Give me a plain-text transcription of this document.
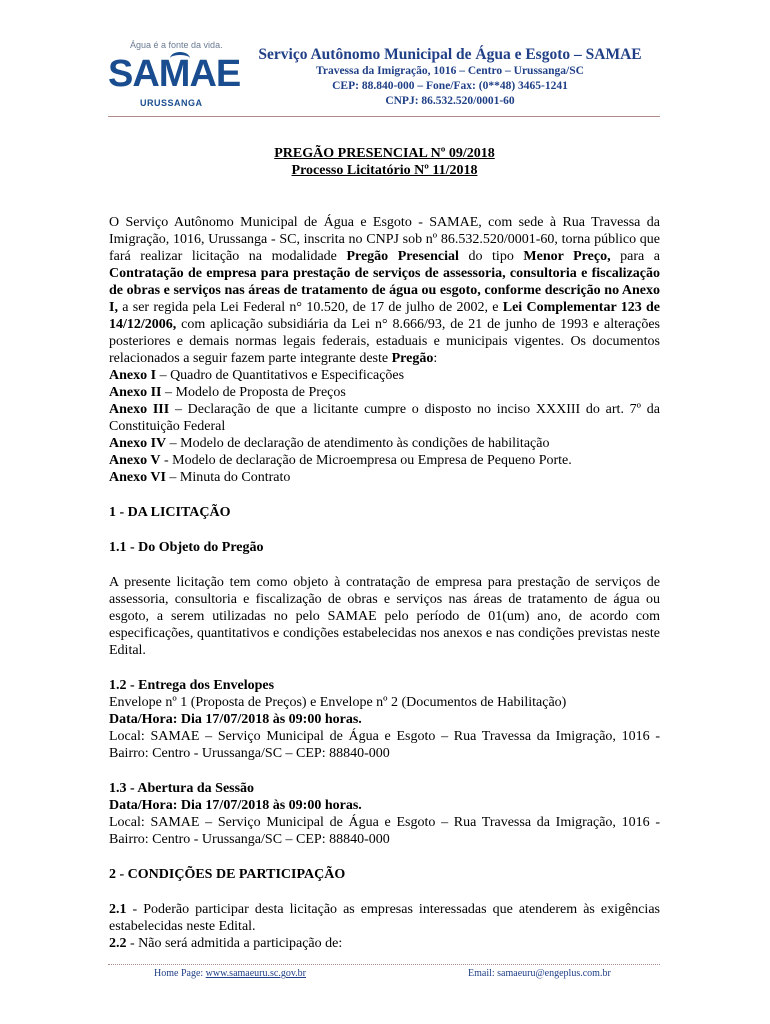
Água é a fonte da vida.
SAMAE
URUSSANGA
Serviço Autônomo Municipal de Água e Esgoto – SAMAE
Travessa da Imigração, 1016 – Centro – Urussanga/SC
CEP: 88.840-000 – Fone/Fax: (0**48) 3465-1241
CNPJ: 86.532.520/0001-60
PREGÃO PRESENCIAL Nº 09/2018
Processo Licitatório Nº 11/2018

O Serviço Autônomo Municipal de Água e Esgoto - SAMAE, com sede à Rua Travessa da Imigração, 1016, Urussanga - SC, inscrita no CNPJ sob nº 86.532.520/0001-60, torna público que fará realizar licitação na modalidade Pregão Presencial do tipo Menor Preço, para a Contratação de empresa para prestação de serviços de assessoria, consultoria e fiscalização de obras e serviços nas áreas de tratamento de água ou esgoto, conforme descrição no Anexo I, a ser regida pela Lei Federal n° 10.520, de 17 de julho de 2002, e Lei Complementar 123 de 14/12/2006, com aplicação subsidiária da Lei n° 8.666/93, de 21 de junho de 1993 e alterações posteriores e demais normas legais federais, estaduais e municipais vigentes. Os documentos relacionados a seguir fazem parte integrante deste Pregão:

Anexo I – Quadro de Quantitativos e Especificações

Anexo II – Modelo de Proposta de Preços

Anexo III – Declaração de que a licitante cumpre o disposto no inciso XXXIII do art. 7º da Constituição Federal

Anexo IV – Modelo de declaração de atendimento às condições de habilitação

Anexo V - Modelo de declaração de Microempresa ou Empresa de Pequeno Porte.

Anexo VI – Minuta do Contrato

1 - DA LICITAÇÃO

1.1 - Do Objeto do Pregão

A presente licitação tem como objeto à contratação de empresa para prestação de serviços de assessoria, consultoria e fiscalização de obras e serviços nas áreas de tratamento de água ou esgoto, a serem utilizadas no pelo SAMAE pelo período de 01(um) ano, de acordo com especificações, quantitativos e condições estabelecidas nos anexos e nas condições previstas neste Edital.

1.2 - Entrega dos Envelopes

Envelope nº 1 (Proposta de Preços) e Envelope nº 2 (Documentos de Habilitação)

Data/Hora: Dia 17/07/2018 às 09:00 horas.

Local: SAMAE – Serviço Municipal de Água e Esgoto – Rua Travessa da Imigração, 1016 - Bairro: Centro - Urussanga/SC – CEP: 88840-000

1.3 - Abertura da Sessão

Data/Hora: Dia 17/07/2018 às 09:00 horas.

Local: SAMAE – Serviço Municipal de Água e Esgoto – Rua Travessa da Imigração, 1016 - Bairro: Centro - Urussanga/SC – CEP: 88840-000

2 - CONDIÇÕES DE PARTICIPAÇÃO

2.1 - Poderão participar desta licitação as empresas interessadas que atenderem às exigências estabelecidas neste Edital.

2.2 - Não será admitida a participação de:

Home Page: www.samaeuru.sc.gov.br	Email: samaeuru@engeplus.com.br
